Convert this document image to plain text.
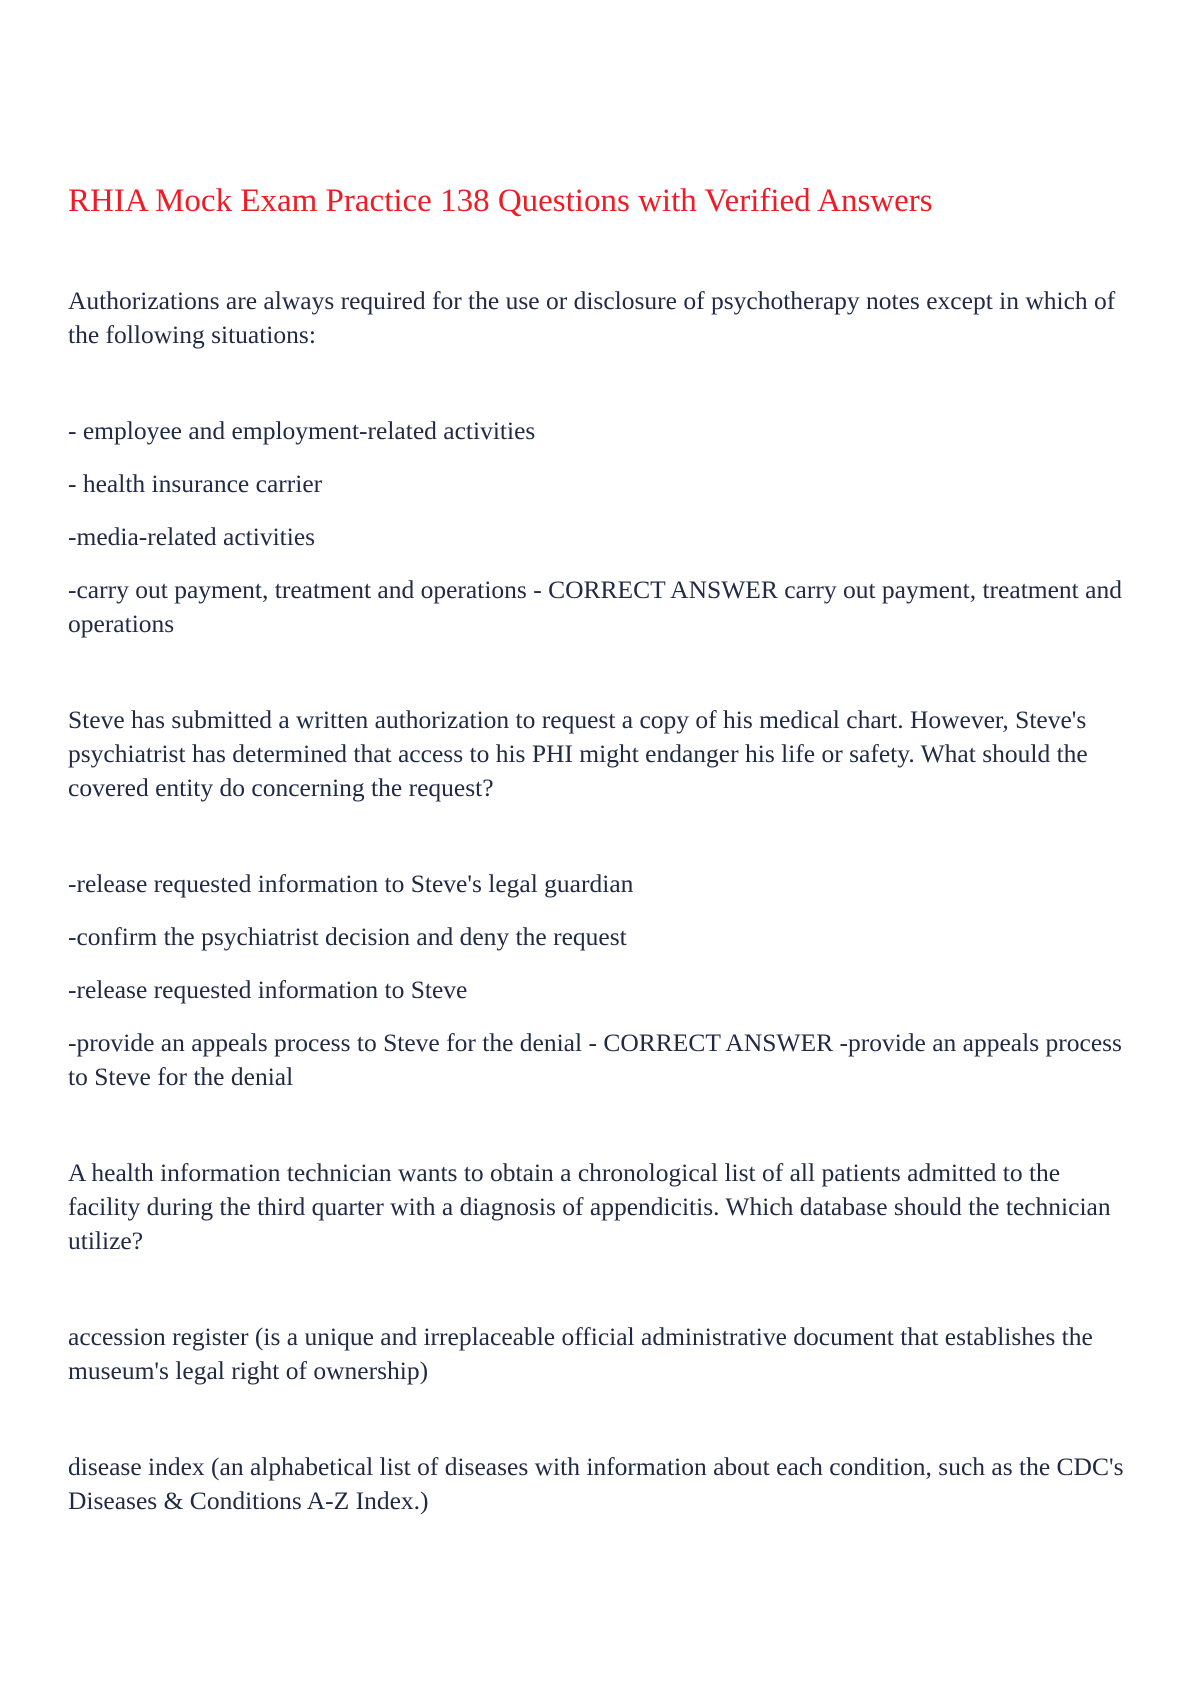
RHIA Mock Exam Practice 138 Questions with Verified Answers

Authorizations are always required for the use or disclosure of psychotherapy notes except in which of the following situations:

- employee and employment-related activities

- health insurance carrier

-media-related activities

-carry out payment, treatment and operations - CORRECT ANSWER carry out payment, treatment and operations

Steve has submitted a written authorization to request a copy of his medical chart. However, Steve's psychiatrist has determined that access to his PHI might endanger his life or safety. What should the covered entity do concerning the request?

-release requested information to Steve's legal guardian

-confirm the psychiatrist decision and deny the request

-release requested information to Steve

-provide an appeals process to Steve for the denial - CORRECT ANSWER -provide an appeals process to Steve for the denial

A health information technician wants to obtain a chronological list of all patients admitted to the facility during the third quarter with a diagnosis of appendicitis. Which database should the technician utilize?

accession register (is a unique and irreplaceable official administrative document that establishes the museum's legal right of ownership)

disease index (an alphabetical list of diseases with information about each condition, such as the CDC's Diseases & Conditions A-Z Index.)
